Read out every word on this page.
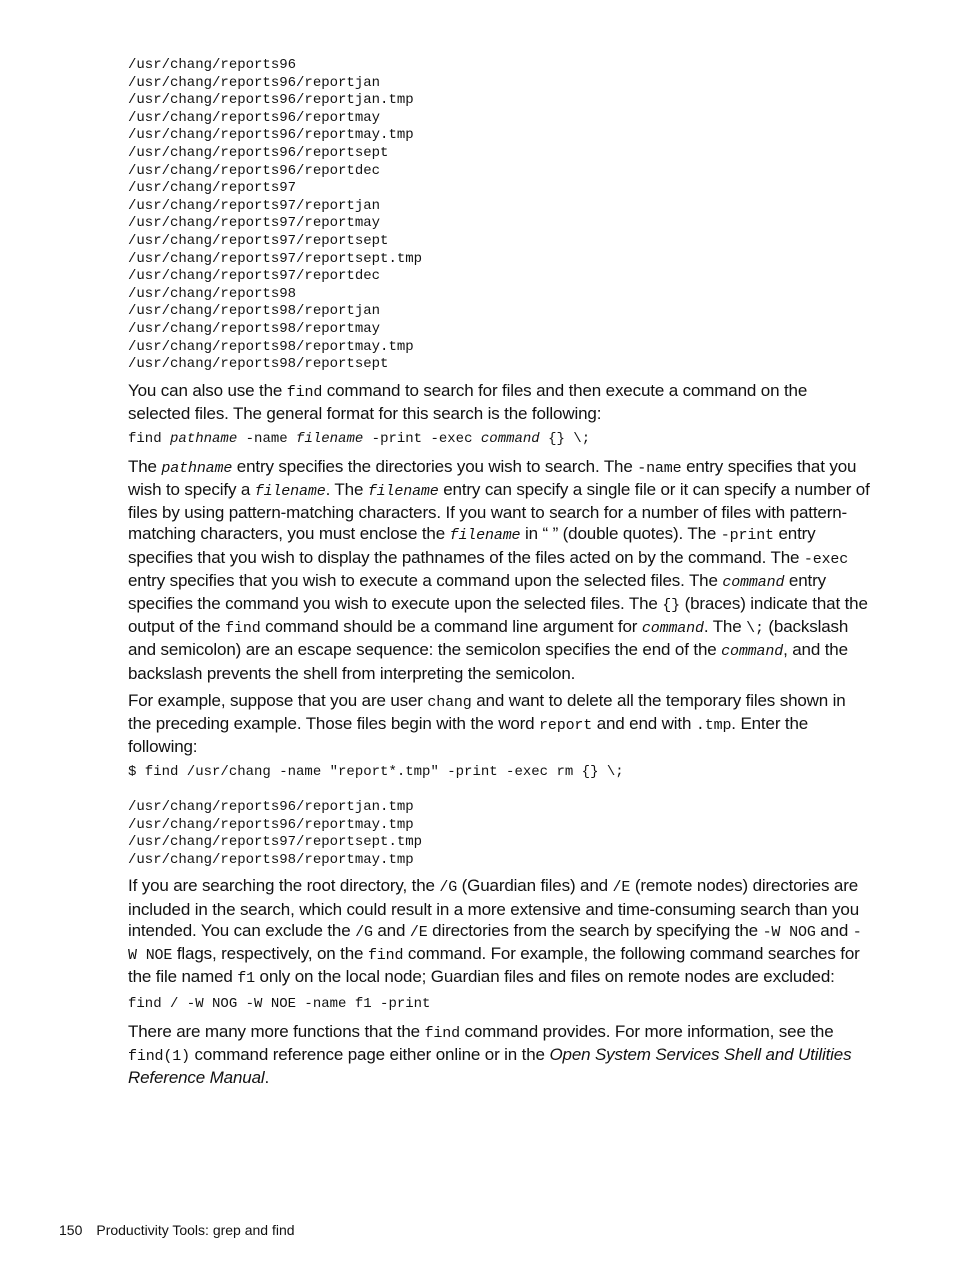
/usr/chang/reports96
/usr/chang/reports96/reportjan
/usr/chang/reports96/reportjan.tmp
/usr/chang/reports96/reportmay
/usr/chang/reports96/reportmay.tmp
/usr/chang/reports96/reportsept
/usr/chang/reports96/reportdec
/usr/chang/reports97
/usr/chang/reports97/reportjan
/usr/chang/reports97/reportmay
/usr/chang/reports97/reportsept
/usr/chang/reports97/reportsept.tmp
/usr/chang/reports97/reportdec
/usr/chang/reports98
/usr/chang/reports98/reportjan
/usr/chang/reports98/reportmay
/usr/chang/reports98/reportmay.tmp
/usr/chang/reports98/reportsept

You can also use the find command to search for files and then execute a command on the selected files. The general format for this search is the following:

find pathname -name filename -print -exec command {} \;

The pathname entry specifies the directories you wish to search. The -name entry specifies that you wish to specify a filename. The filename entry can specify a single file or it can specify a number of files by using pattern-matching characters. If you want to search for a number of files with pattern-matching characters, you must enclose the filename in “ ” (double quotes). The -print entry specifies that you wish to display the pathnames of the files acted on by the command. The -exec entry specifies that you wish to execute a command upon the selected files. The command entry specifies the command you wish to execute upon the selected files. The {} (braces) indicate that the output of the find command should be a command line argument for command. The \; (backslash and semicolon) are an escape sequence: the semicolon specifies the end of the command, and the backslash prevents the shell from interpreting the semicolon.

For example, suppose that you are user chang and want to delete all the temporary files shown in the preceding example. Those files begin with the word report and end with .tmp. Enter the following:

$ find /usr/chang -name "report*.tmp" -print -exec rm {} \;
/usr/chang/reports96/reportjan.tmp
/usr/chang/reports96/reportmay.tmp
/usr/chang/reports97/reportsept.tmp
/usr/chang/reports98/reportmay.tmp

If you are searching the root directory, the /G (Guardian files) and /E (remote nodes) directories are included in the search, which could result in a more extensive and time-consuming search than you intended. You can exclude the /G and /E directories from the search by specifying the -W NOG and -W NOE flags, respectively, on the find command. For example, the following command searches for the file named f1 only on the local node; Guardian files and files on remote nodes are excluded:

find / -W NOG -W NOE -name f1 -print

There are many more functions that the find command provides. For more information, see the find(1) command reference page either online or in the Open System Services Shell and Utilities Reference Manual.

150 Productivity Tools: grep and find
